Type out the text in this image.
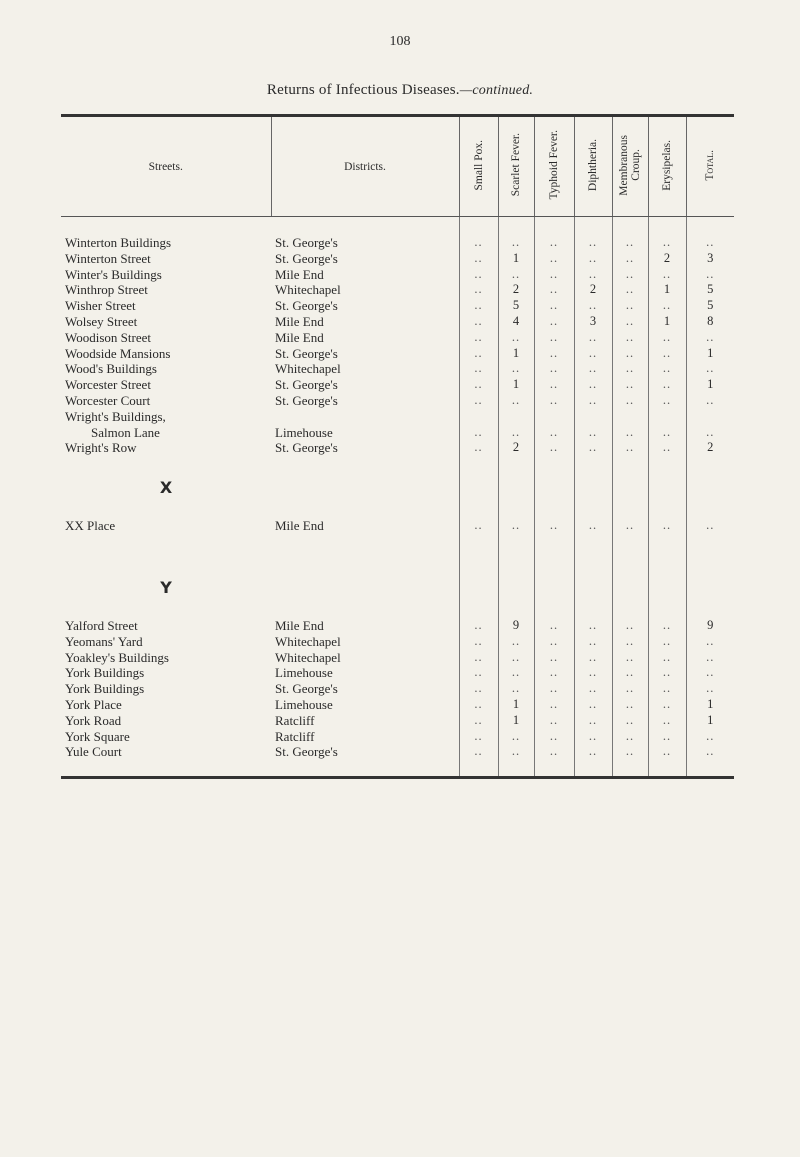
108
Returns of Infectious Diseases.—continued.
Streets.	Districts.	Small Pox.	Scarlet Fever.	Typhoid Fever.	Diphtheria.	Membranous
Croup.	Erysipelas.	Total.

Winterton Buildings	St. George's	..	..	..	..	..	..	..
Winterton Street	St. George's	..	1	..	..	..	2	3
Winter's Buildings	Mile End	..	..	..	..	..	..	..
Winthrop Street	Whitechapel	..	2	..	2	..	1	5
Wisher Street	St. George's	..	5	..	..	..	..	5
Wolsey Street	Mile End	..	4	..	3	..	1	8
Woodison Street	Mile End	..	..	..	..	..	..	..
Woodside Mansions	St. George's	..	1	..	..	..	..	1
Wood's Buildings	Whitechapel	..	..	..	..	..	..	..
Worcester Street	St. George's	..	1	..	..	..	..	1
Worcester Court	St. George's	..	..	..	..	..	..	..
Wright's Buildings,								
Salmon Lane	Limehouse	..	..	..	..	..	..	..
Wright's Row	St. George's	..	2	..	..	..	..	2

X								

XX Place	Mile End	..	..	..	..	..	..	..

Y								

Yalford Street	Mile End	..	9	..	..	..	..	9
Yeomans' Yard	Whitechapel	..	..	..	..	..	..	..
Yoakley's Buildings	Whitechapel	..	..	..	..	..	..	..
York Buildings	Limehouse	..	..	..	..	..	..	..
York Buildings	St. George's	..	..	..	..	..	..	..
York Place	Limehouse	..	1	..	..	..	..	1
York Road	Ratcliff	..	1	..	..	..	..	1
York Square	Ratcliff	..	..	..	..	..	..	..
Yule Court	St. George's	..	..	..	..	..	..	..
